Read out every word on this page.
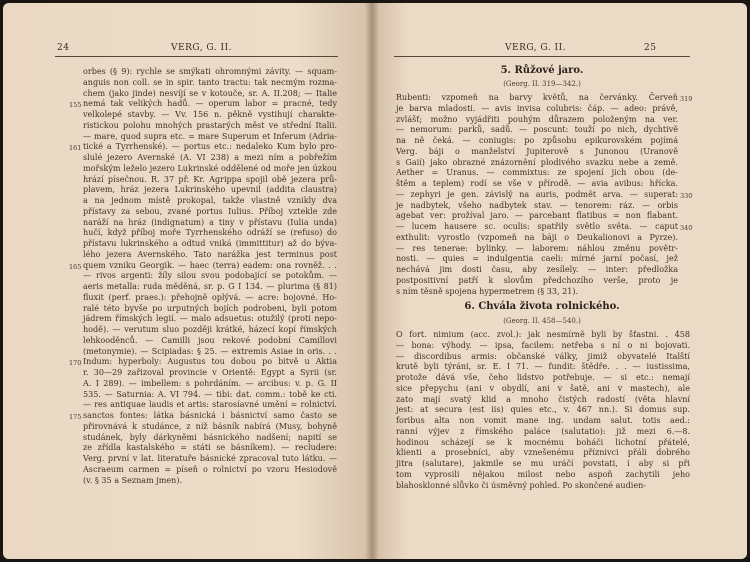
24	VERG, G. II.
orbes (§ 9): rychle se smýkati ohromnými závity. — squam-
anguis non coll. se in spir. tanto tractu: tak necmým rozma-
chem (jako jinde) nesvíjí se v kotouče, sr. A. II.208; — Italie
nemá tak velikých hadů. — operum labor = pracné, tedy
velkolepé stavby. — Vv. 156 n. pěkně vystihují charakte-
ristickou polohu mnohých prastarých měst ve střední Italii.
— mare, quod supra etc. = mare Superum et Inferum (Adria-
tické a Tyrrhenské). — portus etc.: nedaleko Kum bylo pro-
slulé jezero Avernské (A. VI 238) a mezi ním a pobřežím
mořským leželo jezero Lukrinské oddělené od moře jen úzkou
hrází písečnou. R. 37 př. Kr. Agrippa spojil obě jezera prů-
plavem, hráz jezera Lukrinského upevnil (addita claustra)
a na jednom místě prokopal, takže vlastně vznikly dva
přístavy za sebou, zvané portus Iulius. Příboj vztekle zde
naráží na hráz (indignatum) a tiny v přístavu (Iulia unda)
hučí, když příboj moře Tyrrhenského odráží se (refuso) do
přístavu lukrinského a odtud vniká (immittitur) až do býva-
lého jezera Avernského. Tato narážka jest terminus post
quem vzniku Georgik. — haec (terra) eadem: ona rovněž. . .
— rivos argenti: žíly silou svou podobající se potokům. —
aeris metalla: ruda měděná, sr. p. G I 134. — plurima (§ 81)
fluxit (perf. praes.): přehojně oplývá. — acre: bojovné. Ho-
ralé této byvše po urputných bojích podrobeni, byli potom
jádrem římských legií. — malo adsuetus: otužilý (proti nepo-
hodě). — verutum sluo později krátké, házecí kopí římských
lehkooděnců. — Camilli jsou rekové podobní Camillovi
(metonymie). — Scipiadas: § 25. — extremis Asiae in oris. . .
Indum: hyperboly: Augustus tou dobou po bitvě u Aktia
r. 30—29 zařizoval provincie v Orientě: Egypt a Syrii (sr.
A. I 289). — imbellem: s pohrdáním. — arcibus: v. p. G. II
535. — Saturnia: A. VI 794. — tibi: dat. comm.: tobě ke cti.
— res antiquae laudis et artis: starosíavné umění = rolnictví.
sanctos fontes: látka básnická i básnictví samo často se
přirovnává k studánce, z níž básník nabírá (Musy, bohyně
studánek, byly dárkyněmi básnického nadšení; napití se
ze zřídla kastalského = státi se básníkem). — recludere:
Verg. první v lat. literatuře básnické zpracoval tuto látku. —
Ascraeum carmen = píseň o rolnictví po vzoru Hesiodově
(v. § 35 a Seznam jmen).
155
161
165
170
175
VERG, G. II.	25
5. Růžové jaro.
(Georg. II. 319—342.)
Rubenti: vzpomeň na barvy květů, na červánky. Červeň
je barva mladosti. — avis invisa colubris: čáp. — adeo: právě,
zvlášť; možno vyjádřiti pouhým důrazem položeným na ver.
— nemorum: parků, sadů. — poscunt: touží po nich, dychtivě
na ně čeká. — coniugis: po způsobu epikurovském pojímá
Verg. báji o manželství Jupiterově s Junonou (Uranově
s Gaií) jako obrazné znázornění plodivého svazku nebe a země.
Aether = Uranus. — commixtus: ze spojení jich obou (de-
štěm a teplem) rodí se vše v přírodě. — avia avibus: hřícka.
— zephyri je gen. závislý na auris, podmět arva. — superat:
je nadbytek, všeho nadbytek stav. — tenorem: ráz. — orbis
agebat ver: prožíval jaro. — parcebant flatibus = non flabant.
— lucem hausere sc. oculis: spatřily světlo světa. — caput
exthulit: vyrostlo (vzpomeň na báji o Deukalionovi a Pyrze).
— res tenerae: bylinky. — laborem: náhlou změnu povětr-
nosti. — quies = indulgentia caeli: mírné jarní počasí, jež
nechává jim dosti času, aby zesílely. — inter: předložka
postpositivní patří k slovům předchozího verše, proto je
s ním těsně spojena hypermetrem (§ 33, 21).
319
330
340
6. Chvála života rolnického.
(Georg. II. 458—540.)
O fort. nimium (acc. zvol.): jak nesmírně byli by šťastni. . 458
— bona: výhody. — ipsa, facilem: netřeba s ní o ni bojovati.
— discordibus armis: občanské války, jimiž obyvatelé Italští
krutě byli týráni, sr. E. I 71. — fundit: štědře. . . — iustissima,
protože dává vše, čeho lidstvo potřebuje. — si etc.: nemají
sice přepychu (ani v obydlí, ani v šatě, ani v mastech), ale
zato mají svatý klid a mnoho čistých radostí (věta hlavní
jest: at secura (est iis) quies etc., v. 467 nn.). Si domus sup.
foribus alta non vomit mane ing. undam salut. totis aed.:
ranní výjev z římského paláce (salutatio): již mezi 6.—8.
hodinou scházejí se k mocnému boháči lichotní přátelé,
klienti a prosebníci, aby vznešenému příznivci přáli dobrého
jitra (salutare), jakmile se mu uráčí povstati, i aby si při
tom vyprosili nějakou milost nebo aspoň zachytili jeho
blahosklonné slůvko či úsměvný pohled. Po skončené audien-
